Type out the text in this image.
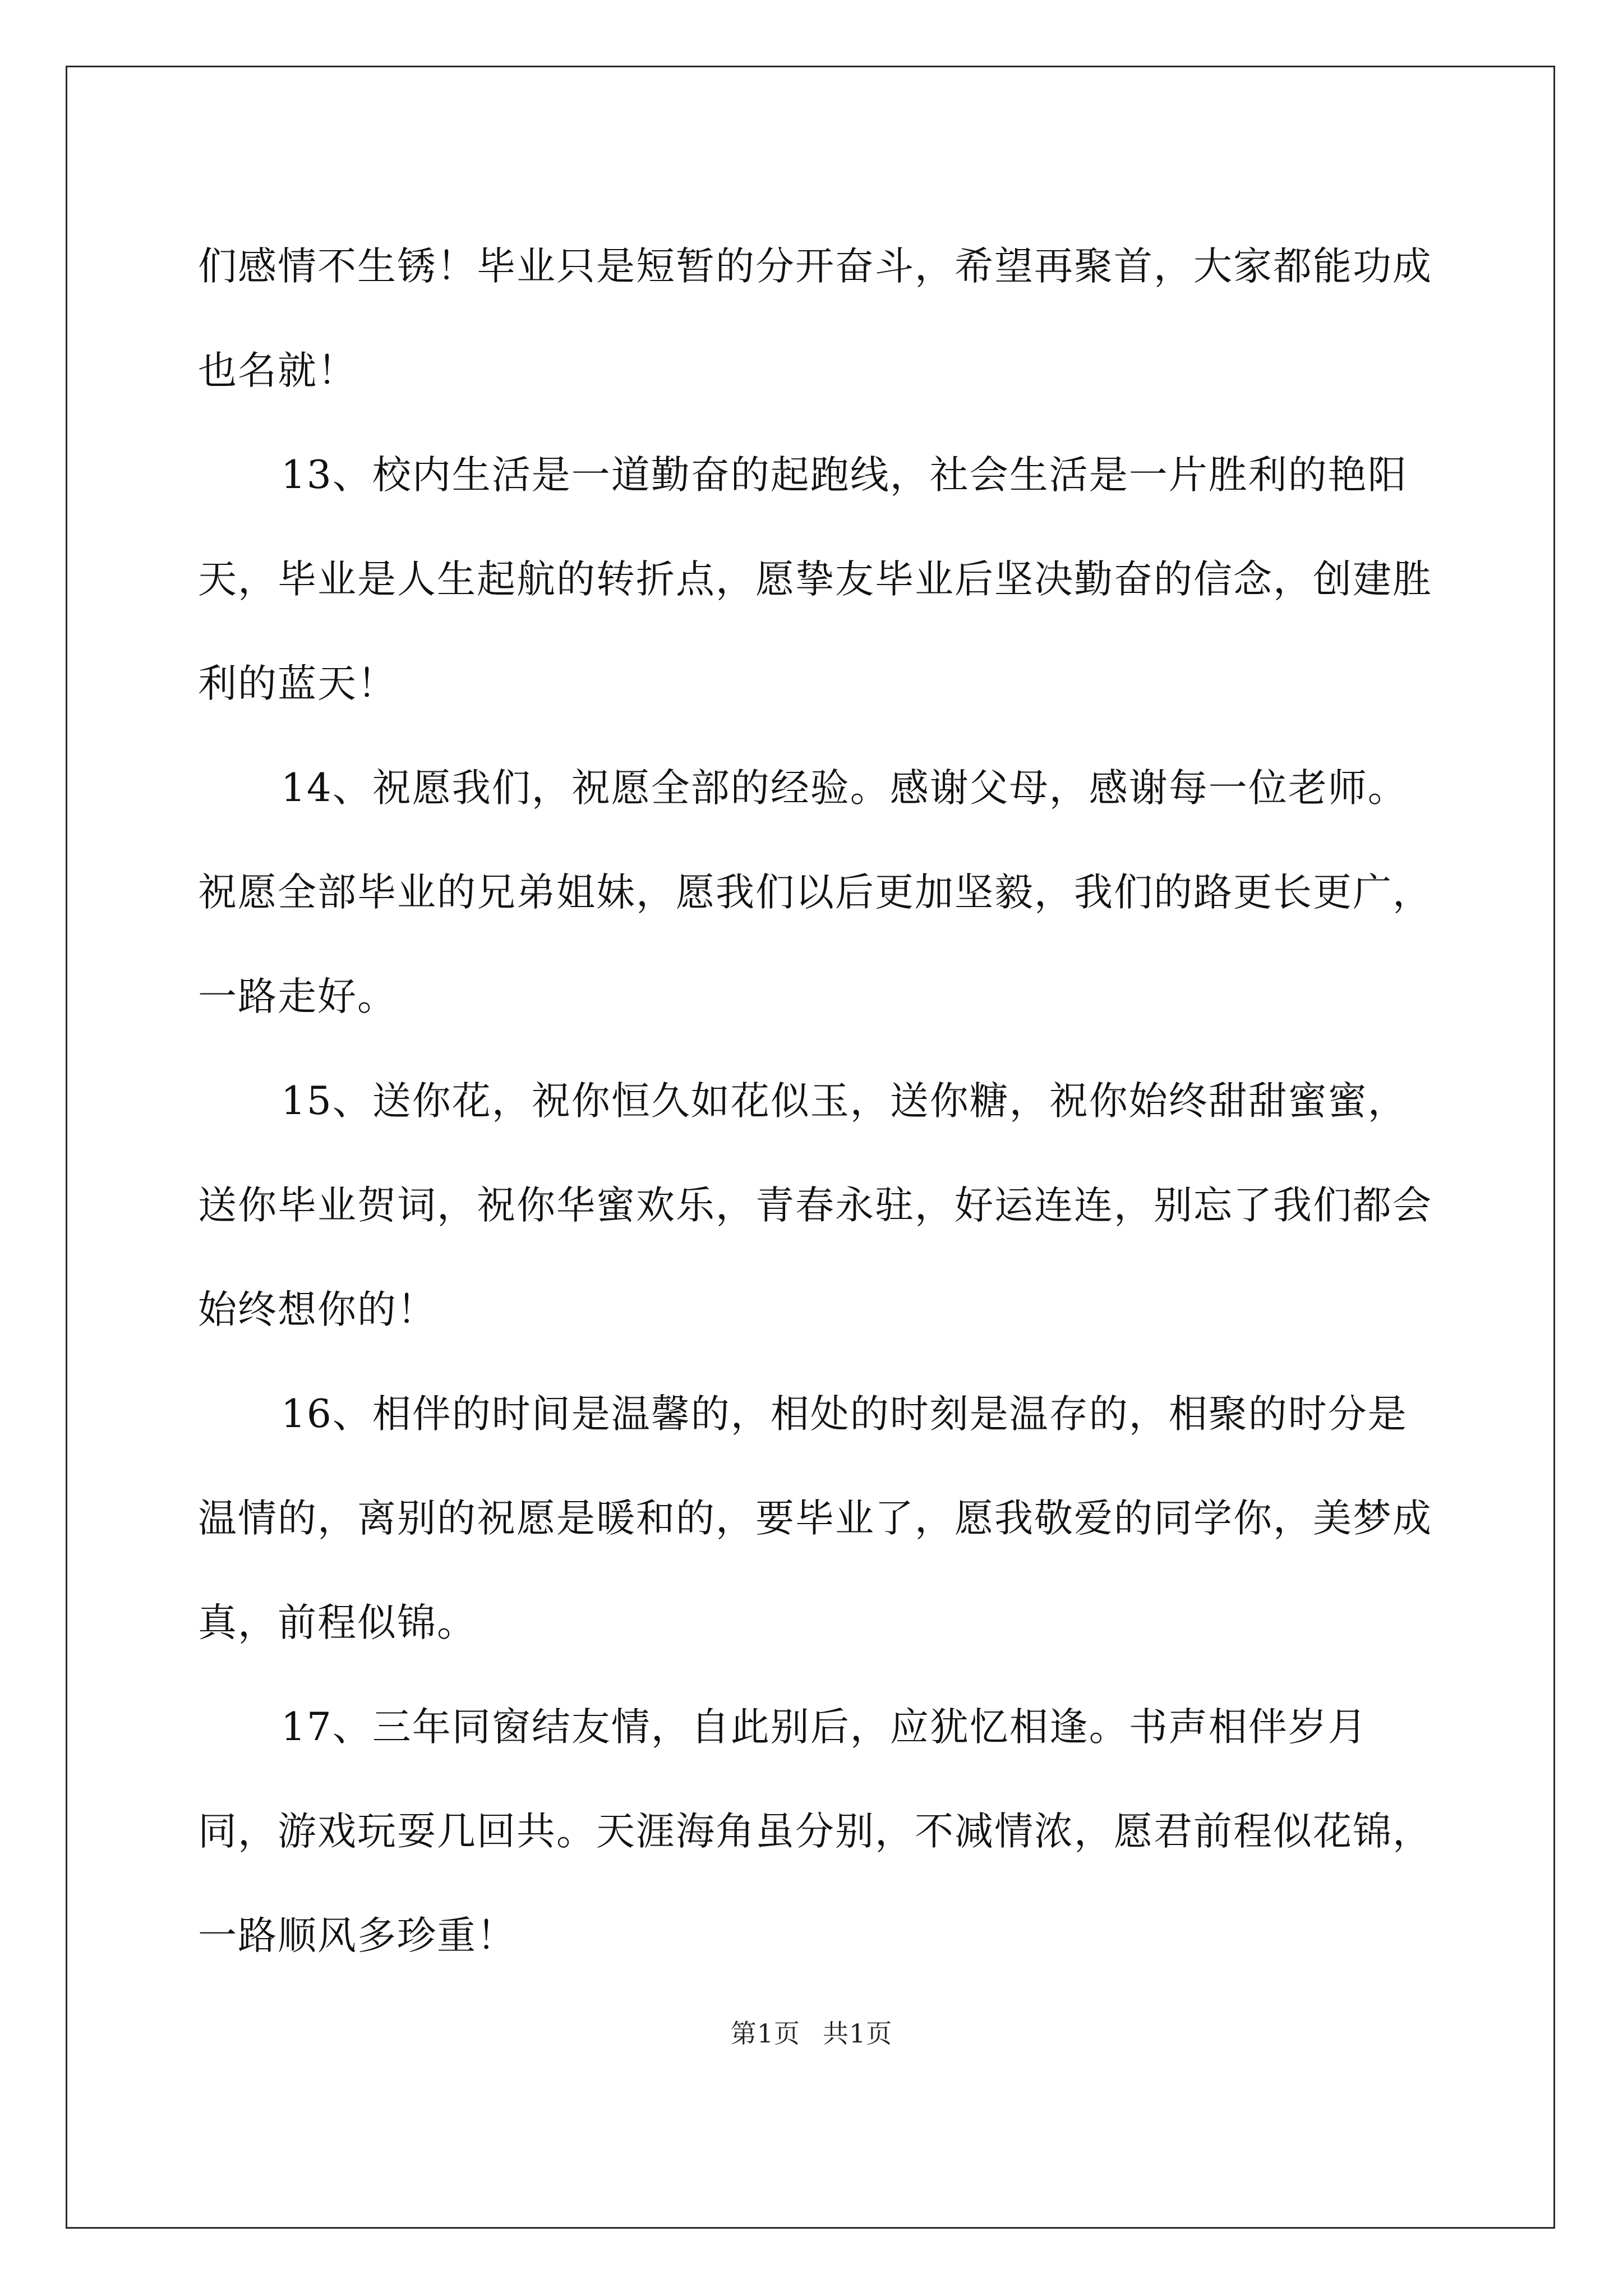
们感情不生锈！毕业只是短暂的分开奋斗，希望再聚首，大家都能功成也名就！

13、校内生活是一道勤奋的起跑线，社会生活是一片胜利的艳阳天，毕业是人生起航的转折点，愿挚友毕业后坚决勤奋的信念，创建胜利的蓝天！

14、祝愿我们，祝愿全部的经验。感谢父母，感谢每一位老师。祝愿全部毕业的兄弟姐妹，愿我们以后更加坚毅，我们的路更长更广，一路走好。

15、送你花，祝你恒久如花似玉，送你糖，祝你始终甜甜蜜蜜，送你毕业贺词，祝你华蜜欢乐，青春永驻，好运连连，别忘了我们都会始终想你的！

16、相伴的时间是温馨的，相处的时刻是温存的，相聚的时分是温情的，离别的祝愿是暖和的，要毕业了，愿我敬爱的同学你，美梦成真，前程似锦。

17、三年同窗结友情，自此别后，应犹忆相逢。书声相伴岁月同，游戏玩耍几回共。天涯海角虽分别，不减情浓，愿君前程似花锦，一路顺风多珍重！

第1页 共1页
